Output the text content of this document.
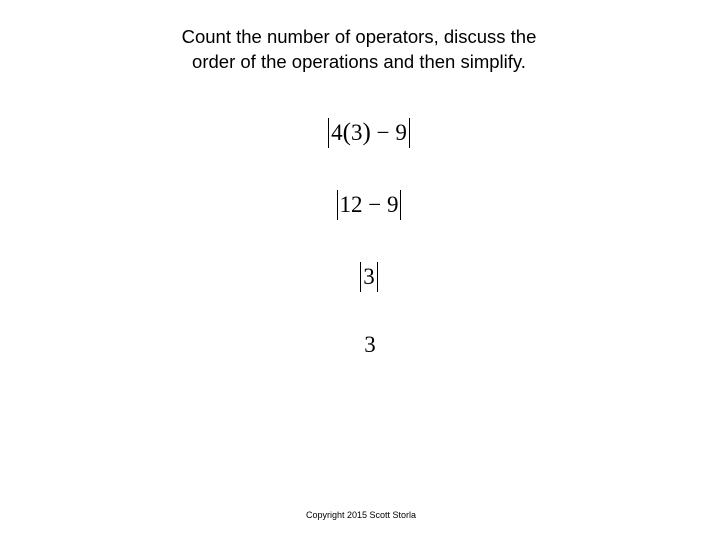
Count the number of operators, discuss the
order of the operations and then simplify.
4(3) − 9
12 − 9
3
3
Copyright 2015 Scott Storla
